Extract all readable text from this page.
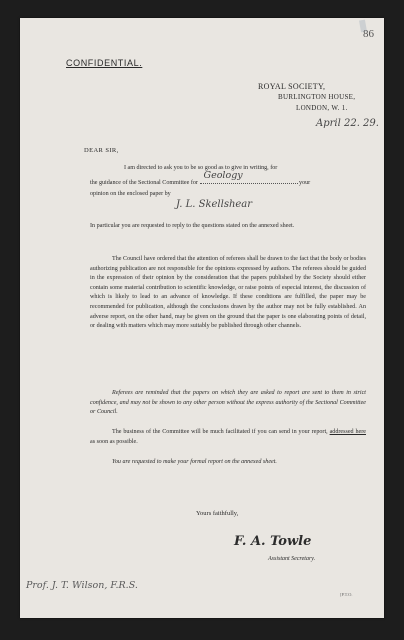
86
CONFIDENTIAL.
ROYAL SOCIETY,
BURLINGTON HOUSE,
LONDON, W. 1.
April 22. 29.
DEAR SIR,
I am directed to ask you to be so good as to give in writing, for
the guidance of the Sectional Committee for
Geology
your
opinion on the enclosed paper by
J. L. Skellshear
In particular you are requested to reply to the questions stated on the annexed sheet.
The Council have ordered that the attention of referees shall be drawn to the fact that the body or bodies authorizing publication are not responsible for the opinions expressed by authors. The referees should be guided in the expression of their opinion by the consideration that the papers published by the Society should either contain some material contribution to scientific knowledge, or raise points of especial interest, the discussion of which is likely to lead to an advance of knowledge. If these conditions are fulfilled, the paper may be recommended for publication, although the conclusions drawn by the author may not be fully established. An adverse report, on the other hand, may be given on the ground that the paper is one elaborating points of detail, or dealing with matters which may more suitably be published through other channels.
Referees are reminded that the papers on which they are asked to report are sent to them in strict confidence, and may not be shown to any other person without the express authority of the Sectional Committee or Council.
The business of the Committee will be much facilitated if you can send in your report, addressed here as soon as possible.
You are requested to make your formal report on the annexed sheet.
Yours faithfully,
F. A. Towle
Assistant Secretary.
Prof. J. T. Wilson, F.R.S.
[P.T.O.
